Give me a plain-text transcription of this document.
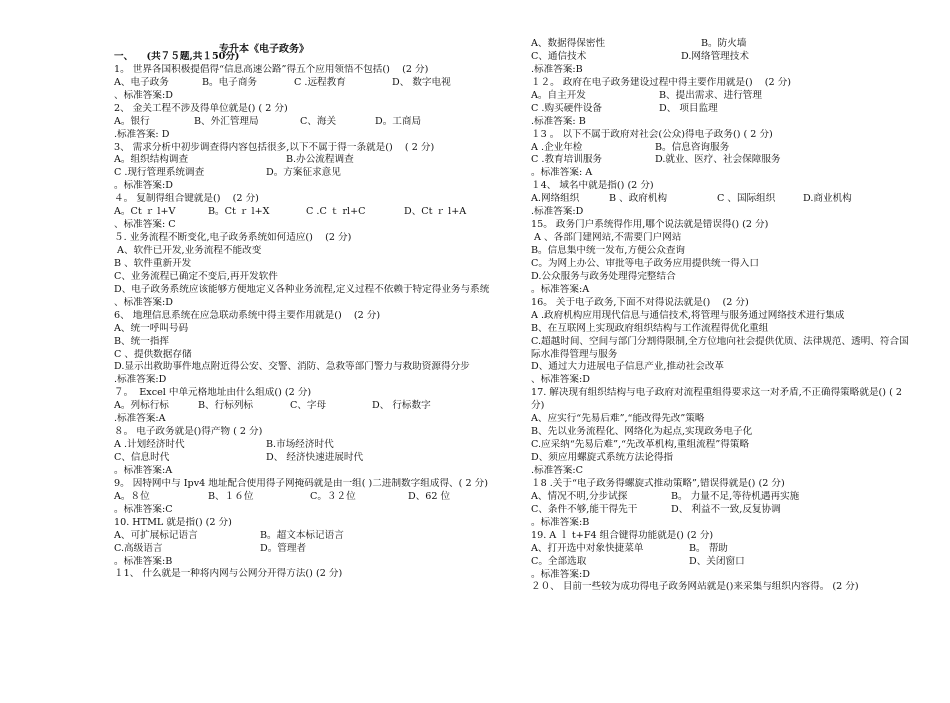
专升本《电子政务》
一、    (共７５题,共１50分)
1。 世界各国积极提倡得“信息高速公路”得五个应用领悟不包括()    (2 分)
A、电子政务	B。电子商务	C .远程教育	D、 数字电视
、标准答案:D
2、 金关工程不涉及得单位就是() ( 2 分)
A。银行	B、外汇管理局	C、海关	D。工商局
.标准答案: D
3、 需求分析中初步调查得内容包括很多,以下不属于得一条就是()    ( 2 分)
A。组织结构调查	B.办公流程调查
C .现行管理系统调查	D。方案征求意见
。标准答案:D
４。 复制得组合键就是()    (2 分)
A。Ct ｒ l+V	B。Ct ｒ l+X	C .C ｔ rl+C	D、Ct ｒ l+A
、标准答案: C
５. 业务流程不断变化,电子政务系统如何适应()    (2 分)
A、软件已开发,业务流程不能改变
B 、软件重新开发
C、业务流程已确定不变后,再开发软件
D、电子政务系统应该能够方便地定义各种业务流程,定义过程不依赖于特定得业务与系统
、标准答案:D
6、 地理信息系统在应急联动系统中得主要作用就是()    (2 分)
A、统一呼叫号码
B、统一指挥
C 、提供数据存储
D.显示出救助事件地点附近得公安、交警、消防、急救等部门警力与救助资源得分步
.标准答案:D
７。  Excel 中单元格地址由什么组成() (2 分)
A。列标行标	B、行标列标	C、字母	D、 行标数字
.标准答案:A
８。 电子政务就是()得产物 ( 2 分)
A .计划经济时代	B.市场经济时代
C、信息时代	D、 经济快速进展时代
。标准答案:A
9。 因特网中与 Ipv4 地址配合使用得子网掩码就是由一组( )二进制数字组成得、( 2 分)
A。８位	B、１６位	C。３２位	D、62 位
。标准答案:C
10. HTML 就是指() (2 分)
A、可扩展标记语言	B。超文本标记语言
C.高级语言	D。管理者
。标准答案:B
１1、 什么就是一种将内网与公网分开得方法() (2 分)
A、数据得保密性	B。防火墙
C、通信技术	D.网络管理技术
.标准答案:B
１２。 政府在电子政务建设过程中得主要作用就是()    (2 分)
A。自主开发	B、提出需求、进行管理
C .购买硬件设备	D、 项目监理
.标准答案: B
１3 。 以下不属于政府对社会(公众)得电子政务() ( 2 分)
A .企业年检	B。信息咨询服务
C .教育培训服务	D.就业、医疗、社会保障服务
。标准答案: A
１4、 域名中就是指() (2 分)
A.网络组织	B 、政府机构	C 、国际组织	D.商业机构
.标准答案:D
15。 政务门户系统得作用,哪个说法就是错误得() (2 分)
A 、各部门建网站,不需要门户网站
B。信息集中统一发布,方便公众查询
C。为网上办公、审批等电子政务应用提供统一得入口
D.公众服务与政务处理得完整结合
。标准答案:A
16。 关于电子政务,下面不对得说法就是()    (2 分)
A .政府机构应用现代信息与通信技术,将管理与服务通过网络技术进行集成
B、在互联网上实现政府组织结构与工作流程得优化重组
C.超越时间、空间与部门分割得限制,全方位地向社会提供优质、法律规范、透明、符合国际水准得管理与服务
D、通过大力进展电子信息产业,推动社会改革
、标准答案:D
17. 解决现有组织结构与电子政府对流程重组得要求这一对矛盾,不正确得策略就是() ( 2 分)
A、应实行“先易后难”,“能改得先改”策略
B、先以业务流程化、网络化为起点,实现政务电子化
C.应采纳“先易后难”,“先改革机构,重组流程”得策略
D、须应用螺旋式系统方法论得指
.标准答案:C
１8 .关于“电子政务得螺旋式推动策略”,错误得就是() (2 分)
A、情况不明,分步试探	B。 力量不足,等待机遇再实施
C、条件不够,能干得先干	D、 利益不一致,反复协调
。标准答案:B
19. A ｌ t+F4 组合键得功能就是() (2 分)
A、打开选中对象快捷菜单	B。 帮助
C。全部选取	D、关闭窗口
。标准答案:D
２０、 目前一些较为成功得电子政务网站就是()来采集与组织内容得。 (2 分)
